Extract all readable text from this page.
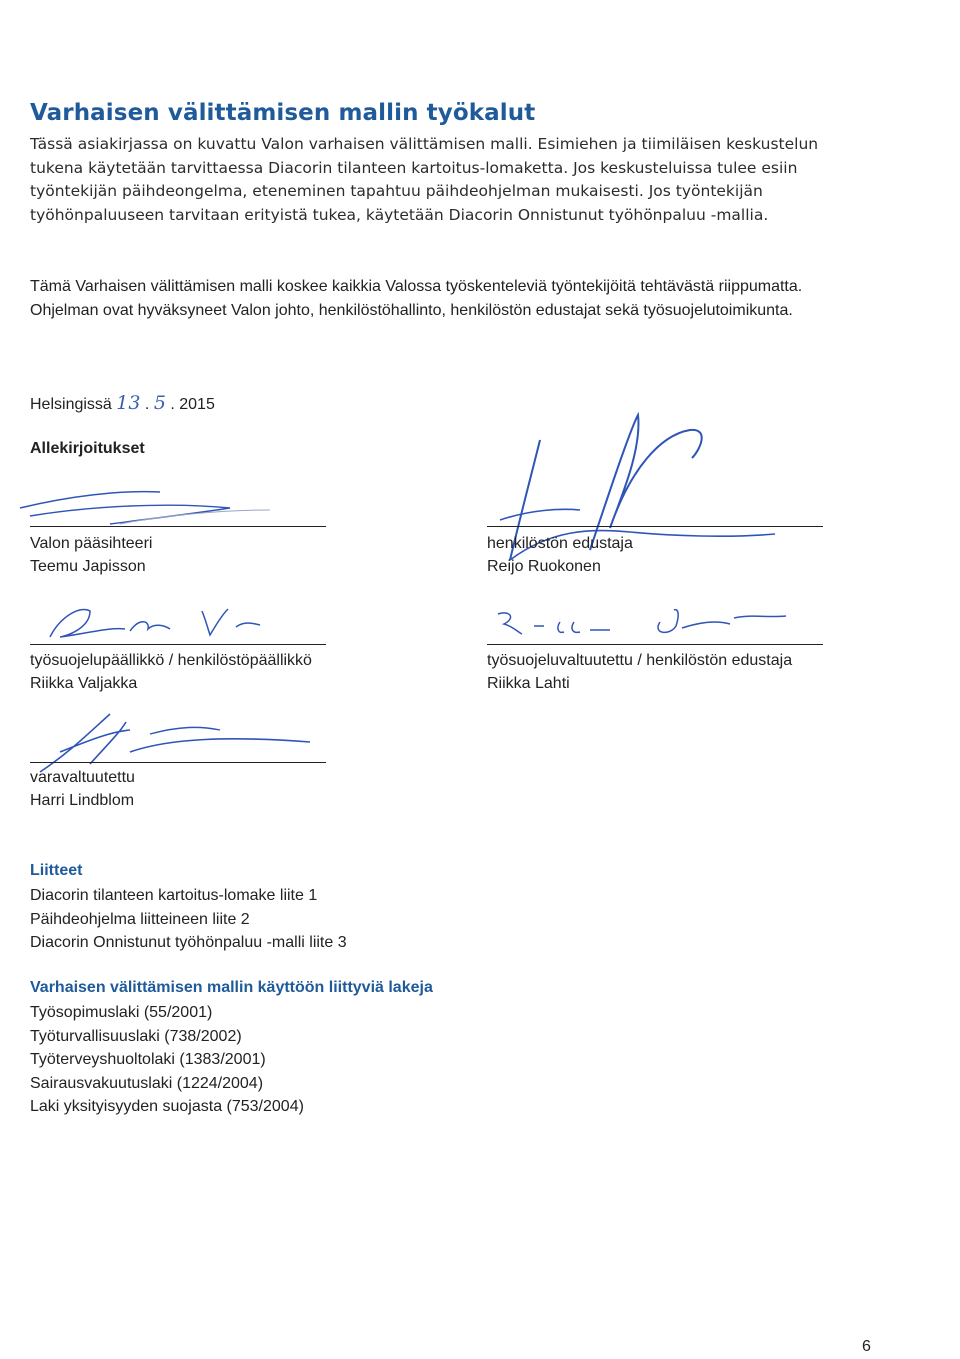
Varhaisen välittämisen mallin työkalut
Tässä asiakirjassa on kuvattu Valon varhaisen välittämisen malli. Esimiehen ja tiimiläisen keskustelun tukena käytetään tarvittaessa Diacorin tilanteen kartoitus-lomaketta. Jos keskusteluissa tulee esiin työntekijän päihdeongelma, eteneminen tapahtuu päihdeohjelman mukaisesti. Jos työntekijän työhönpaluuseen tarvitaan erityistä tukea, käytetään Diacorin Onnistunut työhönpaluu -mallia.
Tämä Varhaisen välittämisen malli koskee kaikkia Valossa työskenteleviä työntekijöitä tehtävästä riippumatta. Ohjelman ovat hyväksyneet Valon johto, henkilöstöhallinto, henkilöstön edustajat sekä työsuojelutoimikunta.
Helsingissä 13 . 5 . 2015
Allekirjoitukset
Valon pääsihteeri
Teemu Japisson
henkilöstön edustaja
Reijo Ruokonen
työsuojelupäällikkö / henkilöstöpäällikkö
Riikka Valjakka
työsuojeluvaltuutettu / henkilöstön edustaja
Riikka Lahti
varavaltuutettu
Harri Lindblom
Liitteet
Diacorin tilanteen kartoitus-lomake liite 1
Päihdeohjelma liitteineen liite 2
Diacorin Onnistunut työhönpaluu -malli liite 3
Varhaisen välittämisen mallin käyttöön liittyviä lakeja
Työsopimuslaki (55/2001)
Työturvallisuuslaki (738/2002)
Työterveyshuoltolaki (1383/2001)
Sairausvakuutuslaki (1224/2004)
Laki yksityisyyden suojasta (753/2004)
6
